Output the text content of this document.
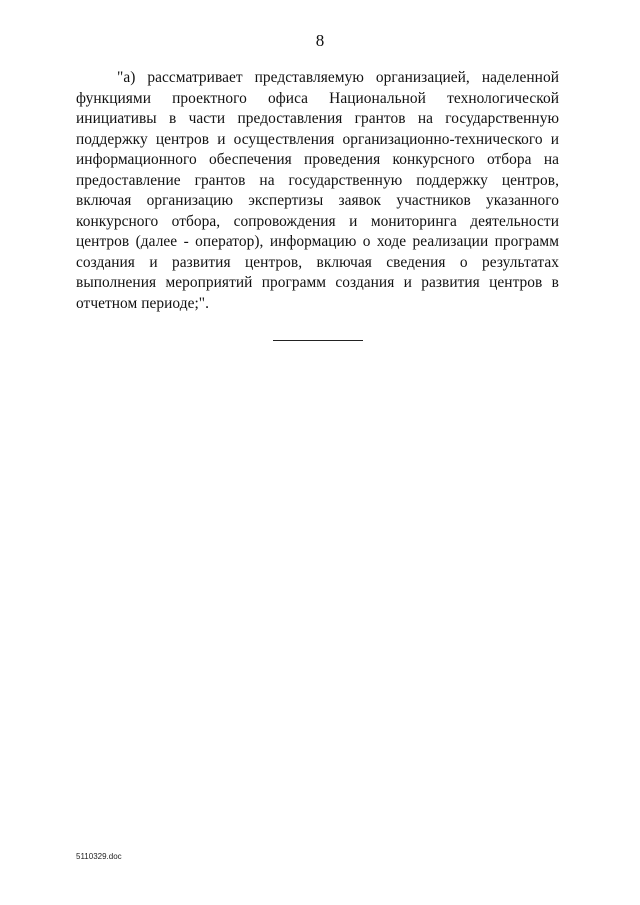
8

"а) рассматривает представляемую организацией, наделенной функциями проектного офиса Национальной технологической инициативы в части предоставления грантов на государственную поддержку центров и осуществления организационно-технического и информационного обеспечения проведения конкурсного отбора на предоставление грантов на государственную поддержку центров, включая организацию экспертизы заявок участников указанного конкурсного отбора, сопровождения и мониторинга деятельности центров (далее - оператор), информацию о ходе реализации программ создания и развития центров, включая сведения о результатах выполнения мероприятий программ создания и развития центров в отчетном периоде;".

5110329.doc
